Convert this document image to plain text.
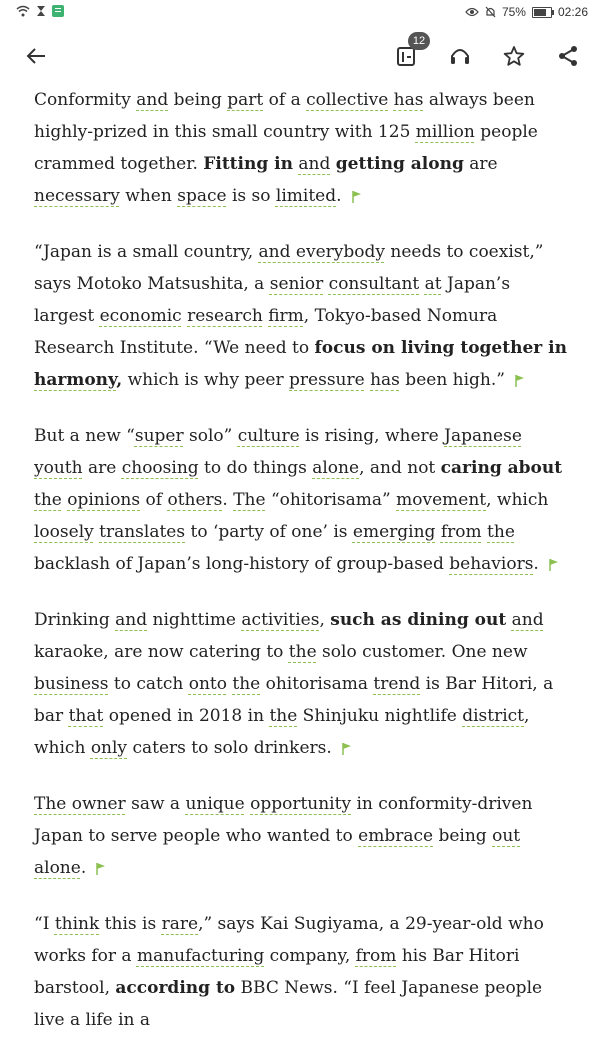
75%	02:26
12

Conformity and being part of a collective has always been highly-prized in this small country with 125 million people crammed together. Fitting in and getting along are necessary when space is so limited.

“Japan is a small country, and everybody needs to coexist,” says Motoko Matsushita, a senior consultant at Japan’s largest economic research firm, Tokyo-based Nomura Research Institute. “We need to focus on living together in harmony, which is why peer pressure has been high.”

But a new “super solo” culture is rising, where Japanese youth are choosing to do things alone, and not caring about the opinions of others. The “ohitorisama” movement, which loosely translates to ‘party of one’ is emerging from the backlash of Japan’s long-history of group-based behaviors.

Drinking and nighttime activities, such as dining out and karaoke, are now catering to the solo customer. One new business to catch onto the ohitorisama trend is Bar Hitori, a bar that opened in 2018 in the Shinjuku nightlife district, which only caters to solo drinkers.

The owner saw a unique opportunity in conformity-driven Japan to serve people who wanted to embrace being out alone.

“I think this is rare,” says Kai Sugiyama, a 29-year-old who works for a manufacturing company, from his Bar Hitori barstool, according to BBC News. “I feel Japanese people live a life in a
